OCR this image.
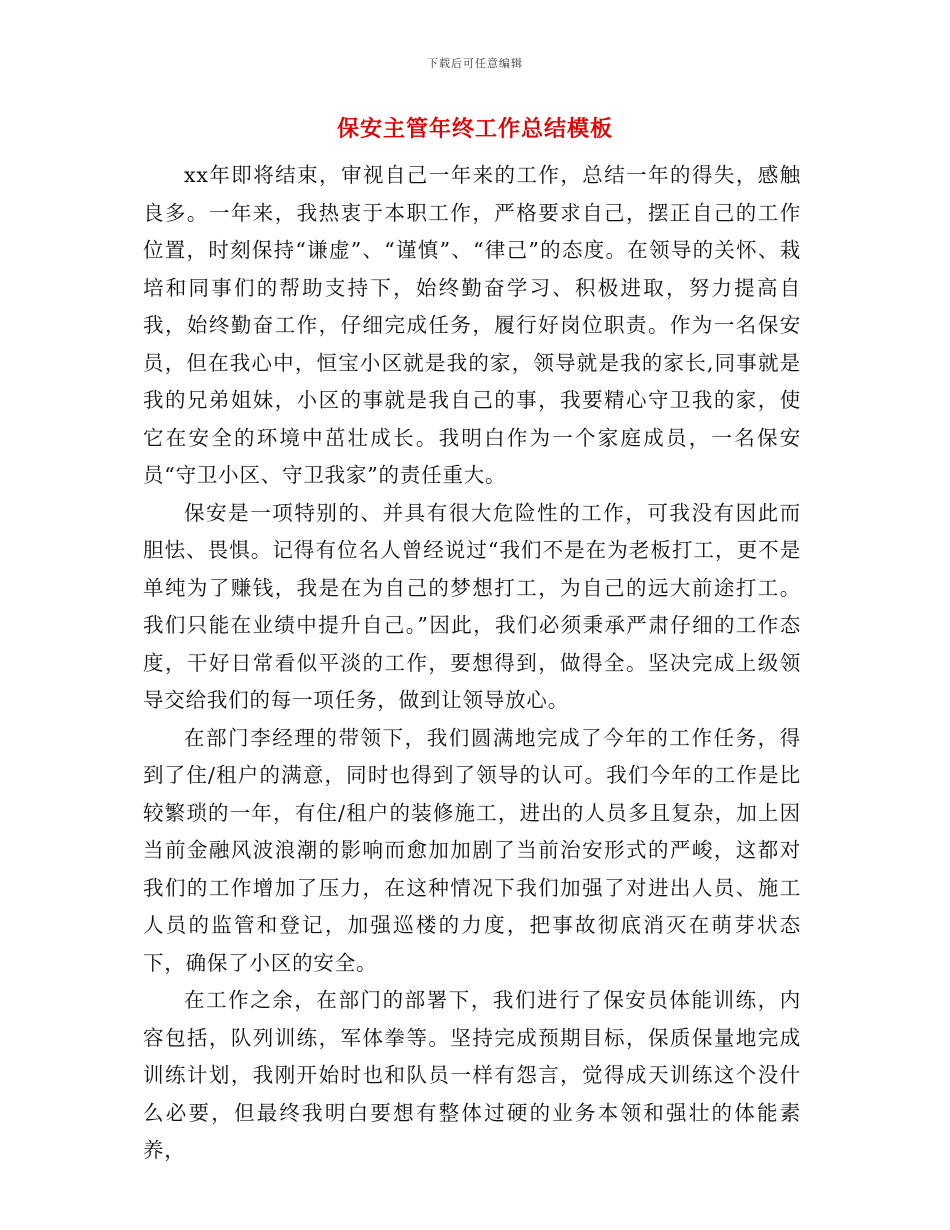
下载后可任意编辑
保安主管年终工作总结模板

xx年即将结束，审视自己一年来的工作，总结一年的得失，感触良多。一年来，我热衷于本职工作，严格要求自己，摆正自己的工作位置，时刻保持“谦虚”、“谨慎”、“律己”的态度。在领导的关怀、栽培和同事们的帮助支持下，始终勤奋学习、积极进取，努力提高自我，始终勤奋工作，仔细完成任务，履行好岗位职责。作为一名保安员，但在我心中，恒宝小区就是我的家，领导就是我的家长,同事就是我的兄弟姐妹，小区的事就是我自己的事，我要精心守卫我的家，使它在安全的环境中茁壮成长。我明白作为一个家庭成员，一名保安员“守卫小区、守卫我家”的责任重大。

保安是一项特别的、并具有很大危险性的工作，可我没有因此而胆怯、畏惧。记得有位名人曾经说过“我们不是在为老板打工，更不是单纯为了赚钱，我是在为自己的梦想打工，为自己的远大前途打工。我们只能在业绩中提升自己。”因此，我们必须秉承严肃仔细的工作态度，干好日常看似平淡的工作，要想得到，做得全。坚决完成上级领导交给我们的每一项任务，做到让领导放心。

在部门李经理的带领下，我们圆满地完成了今年的工作任务，得到了住/租户的满意，同时也得到了领导的认可。我们今年的工作是比较繁琐的一年，有住/租户的装修施工，进出的人员多且复杂，加上因当前金融风波浪潮的影响而愈加加剧了当前治安形式的严峻，这都对我们的工作增加了压力，在这种情况下我们加强了对进出人员、施工人员的监管和登记，加强巡楼的力度，把事故彻底消灭在萌芽状态下，确保了小区的安全。

在工作之余，在部门的部署下，我们进行了保安员体能训练，内容包括，队列训练，军体拳等。坚持完成预期目标，保质保量地完成训练计划，我刚开始时也和队员一样有怨言，觉得成天训练这个没什么必要，但最终我明白要想有整体过硬的业务本领和强壮的体能素养，
